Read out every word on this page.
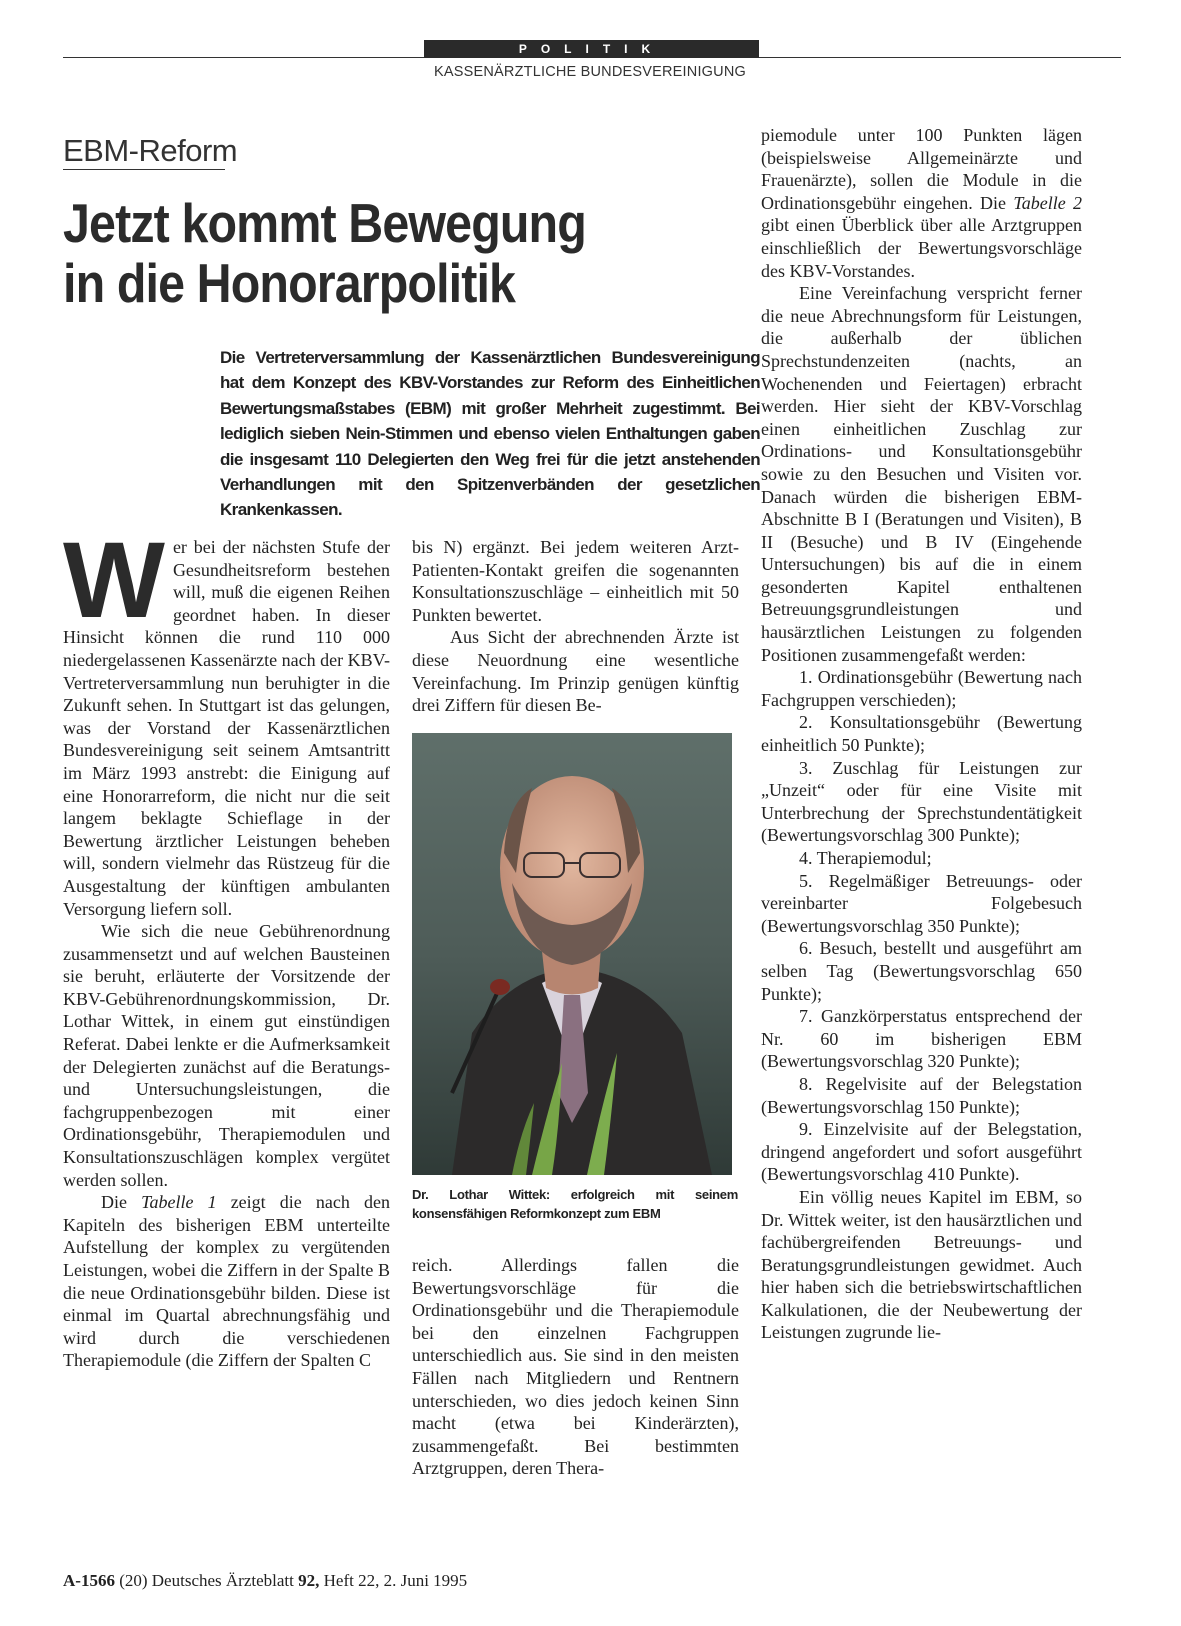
POLITIK
KASSENÄRZTLICHE BUNDESVEREINIGUNG
EBM-Reform
Jetzt kommt Bewegung
in die Honorarpolitik
Die Vertreterversammlung der Kassenärztlichen Bundesvereinigung hat dem Konzept des KBV-Vorstandes zur Reform des Einheitlichen Bewertungsmaßstabes (EBM) mit großer Mehrheit zugestimmt. Bei lediglich sieben Nein-Stimmen und ebenso vielen Enthaltungen gaben die insgesamt 110 Delegierten den Weg frei für die jetzt anstehenden Verhandlungen mit den Spitzenverbänden der gesetzlichen Krankenkassen.

Wer bei der nächsten Stufe der Gesundheitsreform bestehen will, muß die eigenen Reihen geordnet haben. In dieser Hinsicht können die rund 110 000 niedergelassenen Kassenärzte nach der KBV-Vertreterversammlung nun beruhigter in die Zukunft sehen. In Stuttgart ist das gelungen, was der Vorstand der Kassenärztlichen Bundesvereinigung seit seinem Amtsantritt im März 1993 anstrebt: die Einigung auf eine Honorarreform, die nicht nur die seit langem beklagte Schieflage in der Bewertung ärztlicher Leistungen beheben will, sondern vielmehr das Rüstzeug für die Ausgestaltung der künftigen ambulanten Versorgung liefern soll.

Wie sich die neue Gebührenordnung zusammensetzt und auf welchen Bausteinen sie beruht, erläuterte der Vorsitzende der KBV-Gebührenordnungskommission, Dr. Lothar Wittek, in einem gut einstündigen Referat. Dabei lenkte er die Aufmerksamkeit der Delegierten zunächst auf die Beratungs- und Untersuchungsleistungen, die fachgruppenbezogen mit einer Ordinationsgebühr, Therapiemodulen und Konsultationszuschlägen komplex vergütet werden sollen.

Die Tabelle 1 zeigt die nach den Kapiteln des bisherigen EBM unterteilte Aufstellung der komplex zu vergütenden Leistungen, wobei die Ziffern in der Spalte B die neue Ordinationsgebühr bilden. Diese ist einmal im Quartal abrechnungsfähig und wird durch die verschiedenen Therapiemodule (die Ziffern der Spalten C

bis N) ergänzt. Bei jedem weiteren Arzt-Patienten-Kontakt greifen die sogenannten Konsultationszuschläge – einheitlich mit 50 Punkten bewertet.

Aus Sicht der abrechnenden Ärzte ist diese Neuordnung eine wesentliche Vereinfachung. Im Prinzip genügen künftig drei Ziffern für diesen Be-

Dr. Lothar Wittek: erfolgreich mit seinem konsensfähigen Reformkonzept zum EBM

reich. Allerdings fallen die Bewertungsvorschläge für die Ordinationsgebühr und die Therapiemodule bei den einzelnen Fachgruppen unterschiedlich aus. Sie sind in den meisten Fällen nach Mitgliedern und Rentnern unterschieden, wo dies jedoch keinen Sinn macht (etwa bei Kinderärzten), zusammengefaßt. Bei bestimmten Arztgruppen, deren Thera-

piemodule unter 100 Punkten lägen (beispielsweise Allgemeinärzte und Frauenärzte), sollen die Module in die Ordinationsgebühr eingehen. Die Tabelle 2 gibt einen Überblick über alle Arztgruppen einschließlich der Bewertungsvorschläge des KBV-Vorstandes.

Eine Vereinfachung verspricht ferner die neue Abrechnungsform für Leistungen, die außerhalb der üblichen Sprechstundenzeiten (nachts, an Wochenenden und Feiertagen) erbracht werden. Hier sieht der KBV-Vorschlag einen einheitlichen Zuschlag zur Ordinations- und Konsultationsgebühr sowie zu den Besuchen und Visiten vor. Danach würden die bisherigen EBM-Abschnitte B I (Beratungen und Visiten), B II (Besuche) und B IV (Eingehende Untersuchungen) bis auf die in einem gesonderten Kapitel enthaltenen Betreuungsgrundleistungen und hausärztlichen Leistungen zu folgenden Positionen zusammengefaßt werden:

1. Ordinationsgebühr (Bewertung nach Fachgruppen verschieden);

2. Konsultationsgebühr (Bewertung einheitlich 50 Punkte);

3. Zuschlag für Leistungen zur „Unzeit“ oder für eine Visite mit Unterbrechung der Sprechstundentätigkeit (Bewertungsvorschlag 300 Punkte);

4. Therapiemodul;

5. Regelmäßiger Betreuungs- oder vereinbarter Folgebesuch (Bewertungsvorschlag 350 Punkte);

6. Besuch, bestellt und ausgeführt am selben Tag (Bewertungsvorschlag 650 Punkte);

7. Ganzkörperstatus entsprechend der Nr. 60 im bisherigen EBM (Bewertungsvorschlag 320 Punkte);

8. Regelvisite auf der Belegstation (Bewertungsvorschlag 150 Punkte);

9. Einzelvisite auf der Belegstation, dringend angefordert und sofort ausgeführt (Bewertungsvorschlag 410 Punkte).

Ein völlig neues Kapitel im EBM, so Dr. Wittek weiter, ist den hausärztlichen und fachübergreifenden Betreuungs- und Beratungsgrundleistungen gewidmet. Auch hier haben sich die betriebswirtschaftlichen Kalkulationen, die der Neubewertung der Leistungen zugrunde lie-

A-1566 (20) Deutsches Ärzteblatt 92, Heft 22, 2. Juni 1995
